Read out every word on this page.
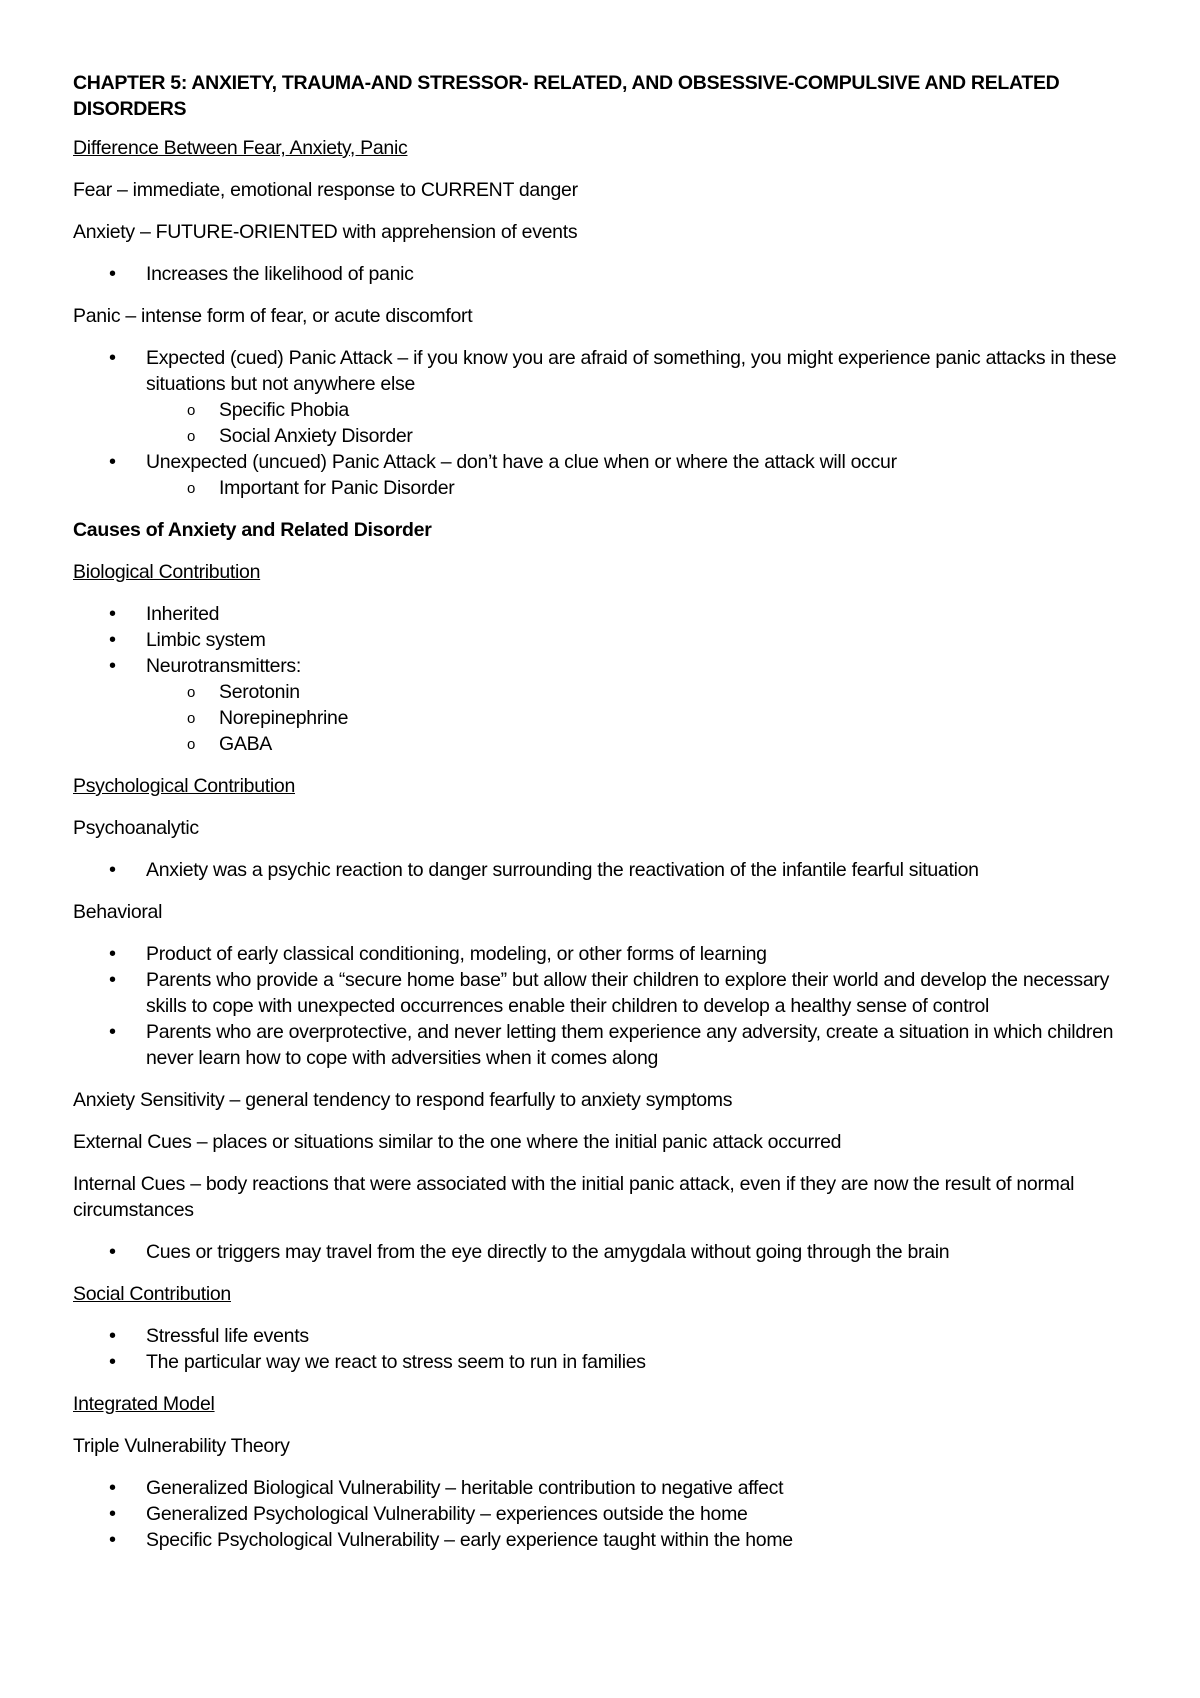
CHAPTER 5: ANXIETY, TRAUMA-AND STRESSOR- RELATED, AND OBSESSIVE-COMPULSIVE AND RELATED DISORDERS
Difference Between Fear, Anxiety, Panic
Fear – immediate, emotional response to CURRENT danger
Anxiety – FUTURE-ORIENTED with apprehension of events
• Increases the likelihood of panic
Panic – intense form of fear, or acute discomfort
• Expected (cued) Panic Attack – if you know you are afraid of something, you might experience panic attacks in these situations but not anywhere else
o Specific Phobia
o Social Anxiety Disorder
• Unexpected (uncued) Panic Attack – don’t have a clue when or where the attack will occur
o Important for Panic Disorder
Causes of Anxiety and Related Disorder
Biological Contribution
• Inherited
• Limbic system
• Neurotransmitters:
o Serotonin
o Norepinephrine
o GABA
Psychological Contribution
Psychoanalytic
• Anxiety was a psychic reaction to danger surrounding the reactivation of the infantile fearful situation
Behavioral
• Product of early classical conditioning, modeling, or other forms of learning
• Parents who provide a “secure home base” but allow their children to explore their world and develop the necessary skills to cope with unexpected occurrences enable their children to develop a healthy sense of control
• Parents who are overprotective, and never letting them experience any adversity, create a situation in which children never learn how to cope with adversities when it comes along
Anxiety Sensitivity – general tendency to respond fearfully to anxiety symptoms
External Cues – places or situations similar to the one where the initial panic attack occurred
Internal Cues – body reactions that were associated with the initial panic attack, even if they are now the result of normal circumstances
• Cues or triggers may travel from the eye directly to the amygdala without going through the brain
Social Contribution
• Stressful life events
• The particular way we react to stress seem to run in families
Integrated Model
Triple Vulnerability Theory
• Generalized Biological Vulnerability – heritable contribution to negative affect
• Generalized Psychological Vulnerability – experiences outside the home
• Specific Psychological Vulnerability – early experience taught within the home
